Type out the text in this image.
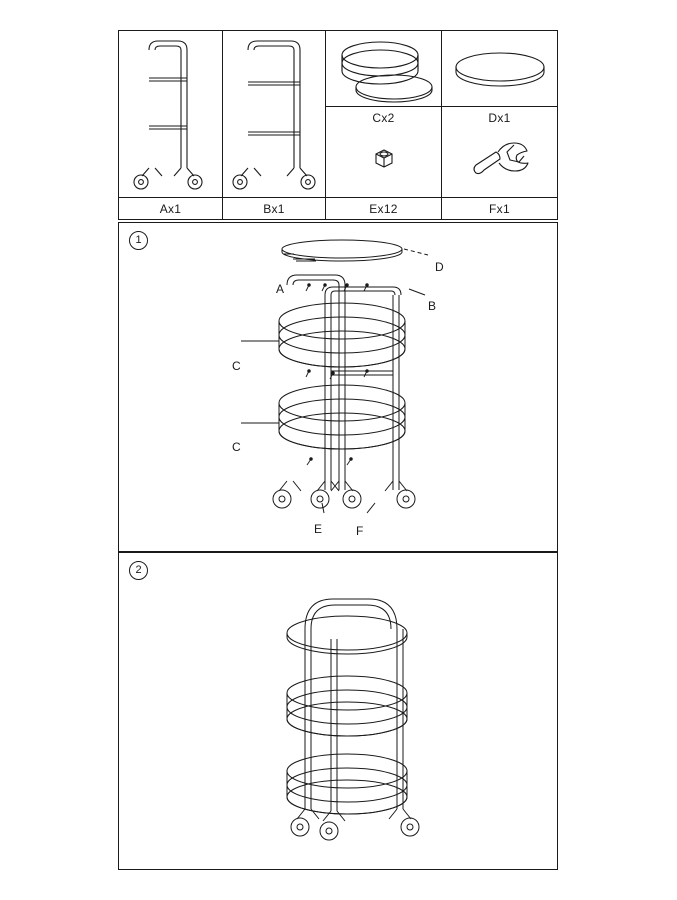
Ax1	Bx1
Cx2
Ex12
Dx1
Fx1
1
A
B
C
C
D
E	F
2
